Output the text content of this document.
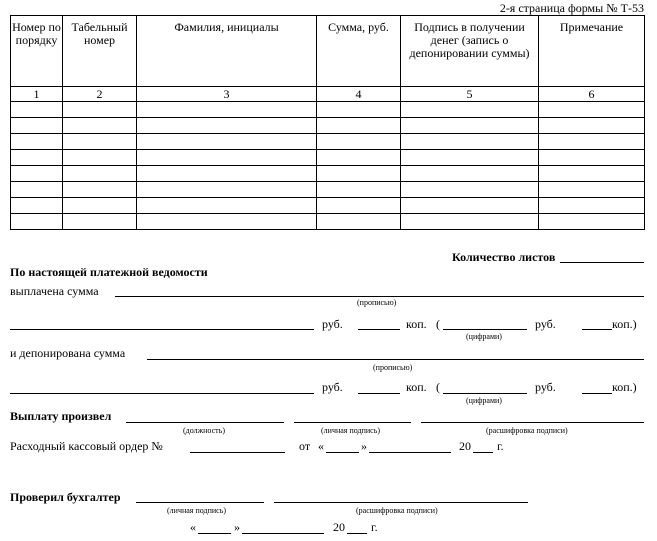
2-я страница формы № Т-53
Номер по порядку	Табельный номер	Фамилия, инициалы	Сумма, руб.	Подпись в получении денег (запись о депонировании суммы)	Примечание
1	2	3	4	5	6

Количество листов
По настоящей платежной ведомости
выплачена сумма
(прописью)
руб.	коп. (	руб.	коп.)
(цифрами)
и депонирована сумма
(прописью)
руб.	коп. (	руб.	коп.)
(цифрами)
Выплату произвел
(должность)	(личная подпись)	(расшифровка подписи)
Расходный кассовый ордер №	от «	»	20 г.
Проверил бухгалтер
(личная подпись)	(расшифровка подписи)
«	»	20 г.
